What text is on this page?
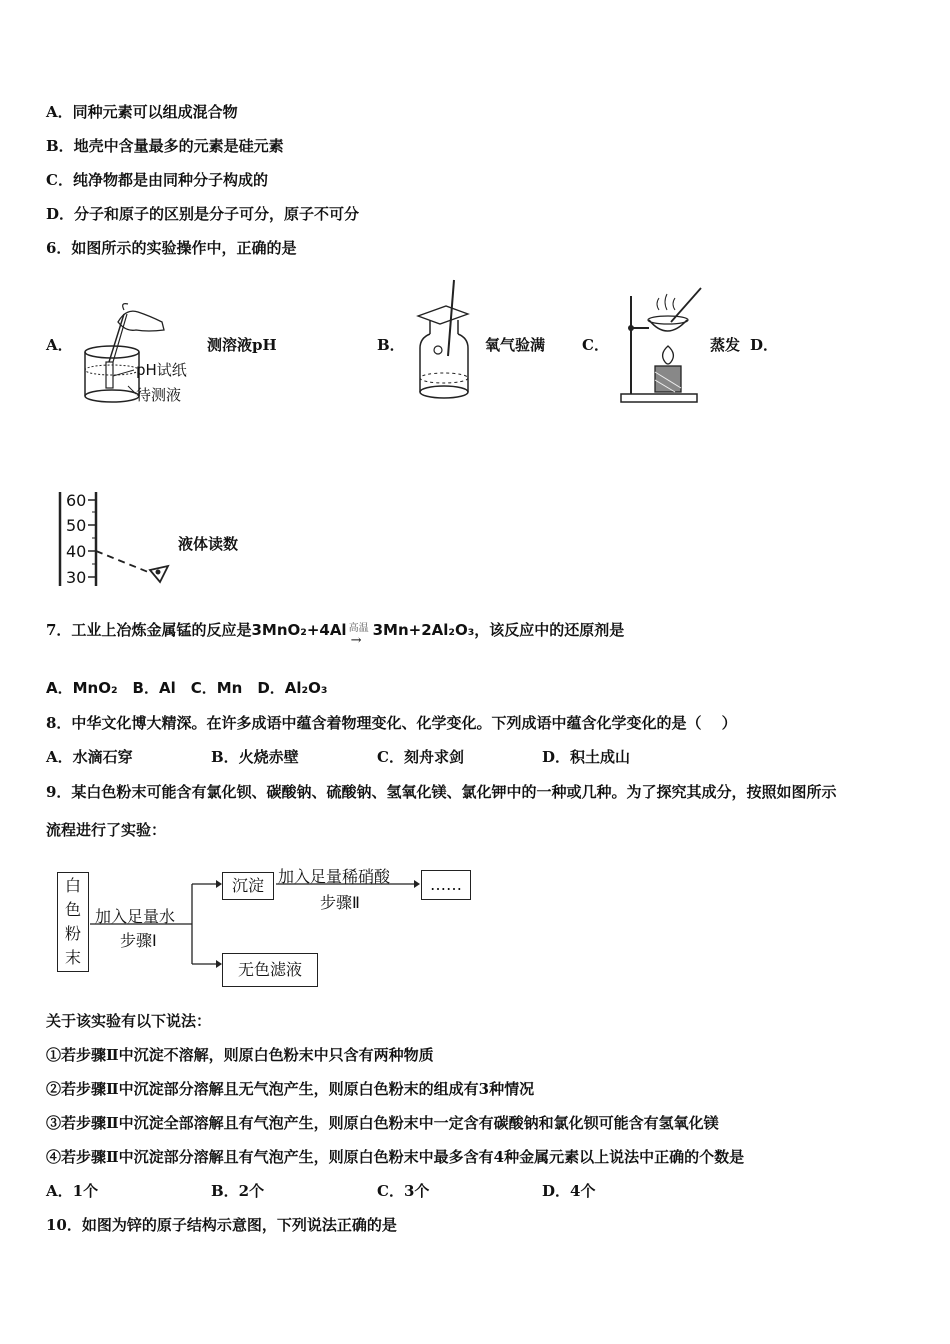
A．同种元素可以组成混合物
B．地壳中含量最多的元素是硅元素
C．纯净物都是由同种分子构成的
D．分子和原子的区别是分子可分，原子不可分
6．如图所示的实验操作中，正确的是
A．
pH试纸
待测液
测溶液pH	B．	氧气验满 C．	蒸发 D．
60
50
40
30
液体读数
7．工业上冶炼金属锰的反应是3MnO₂+4Al 高温
→
3Mn+2Al₂O₃，该反应中的还原剂是
A．MnO₂　B．Al　C．Mn　D．Al₂O₃
8．中华文化博大精深。在许多成语中蕴含着物理变化、化学变化。下列成语中蕴含化学变化的是（　 ）
A．水滴石穿	B．火烧赤壁	C．刻舟求剑	D．积土成山
9．某白色粉末可能含有氯化钡、碳酸钠、硫酸钠、氢氧化镁、氯化钾中的一种或几种。为了探究其成分，按照如图所示
流程进行了实验：
白
色
粉
末
加入足量水
步骤Ⅰ
沉淀 加入足量稀硝酸
步骤Ⅱ
……
无色滤液
关于该实验有以下说法：
①若步骤Ⅱ中沉淀不溶解，则原白色粉末中只含有两种物质
②若步骤Ⅱ中沉淀部分溶解且无气泡产生，则原白色粉末的组成有3种情况
③若步骤Ⅱ中沉淀全部溶解且有气泡产生，则原白色粉末中一定含有碳酸钠和氯化钡可能含有氢氧化镁
④若步骤Ⅱ中沉淀部分溶解且有气泡产生，则原白色粉末中最多含有4种金属元素以上说法中正确的个数是
A．1个	B．2个	C．3个	D．4个
10．如图为锌的原子结构示意图，下列说法正确的是
